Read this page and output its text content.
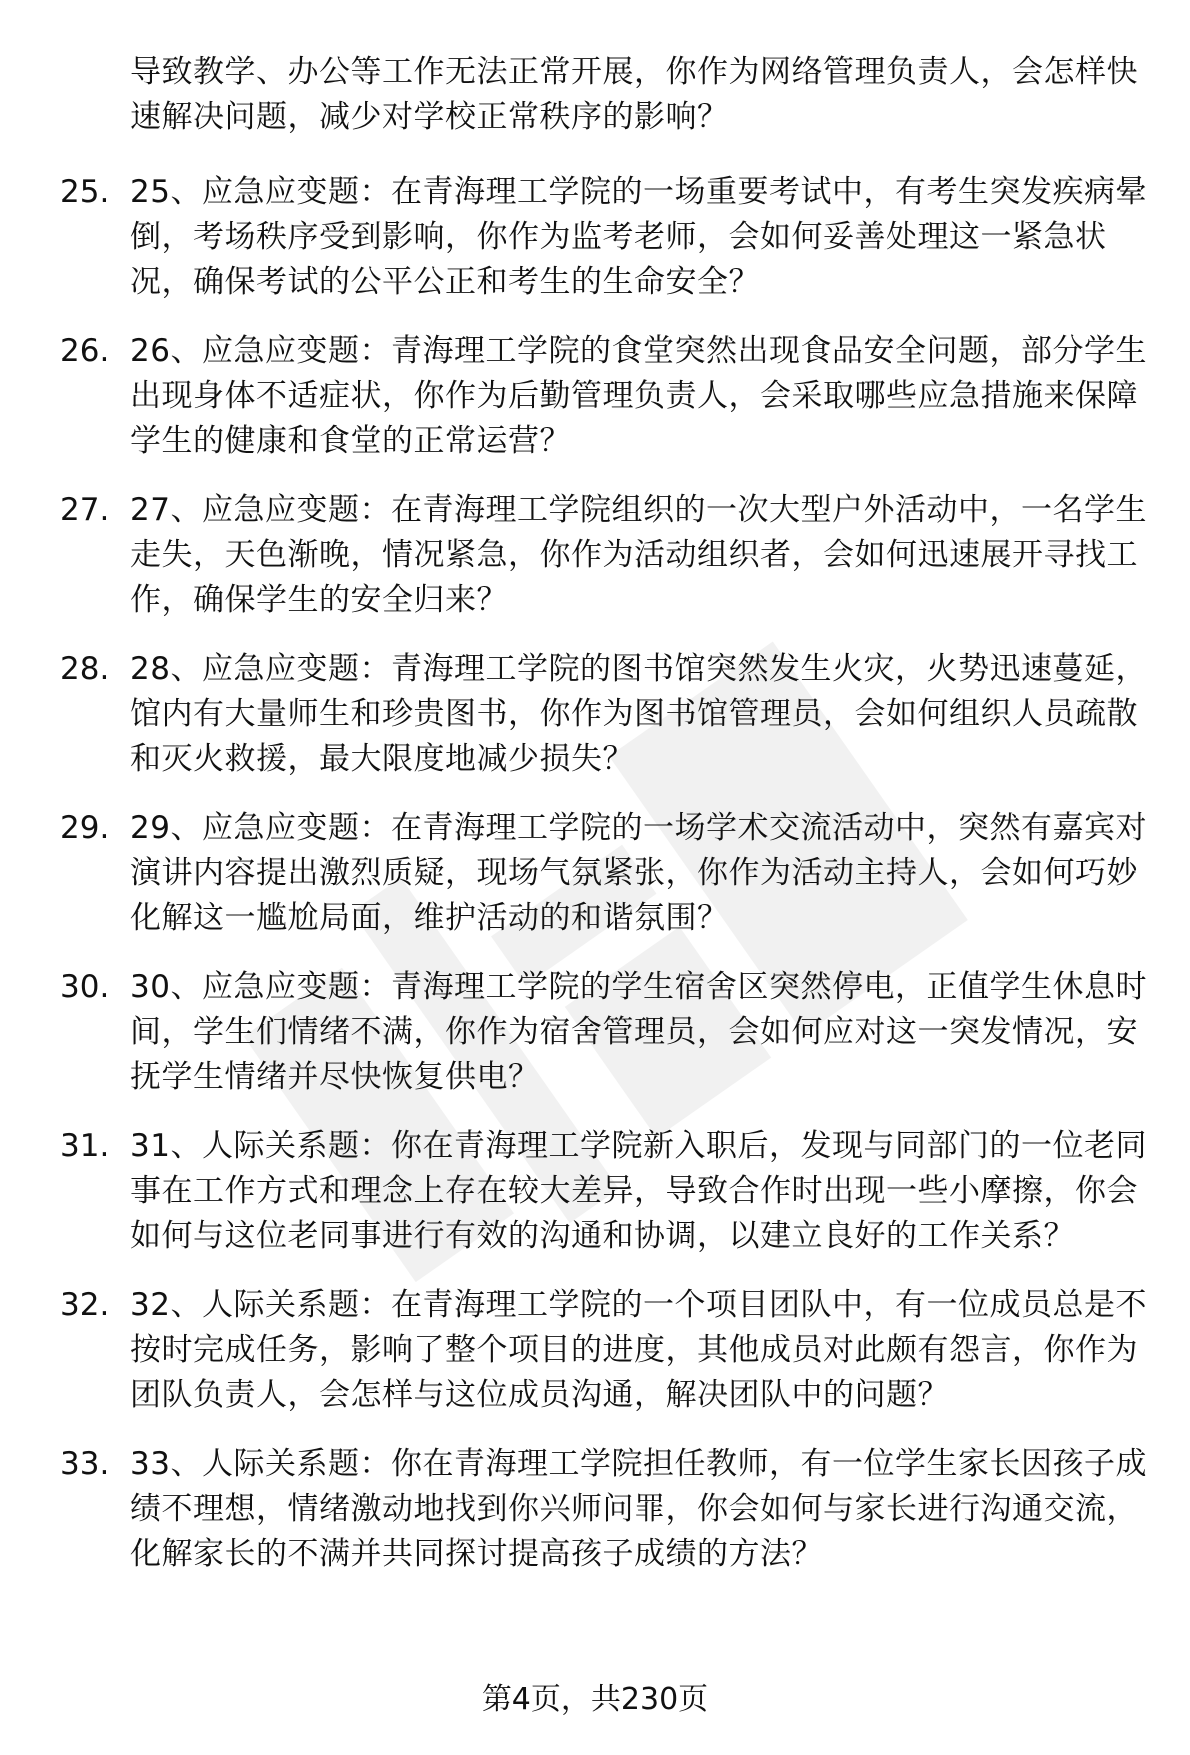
导致教学、办公等工作无法正常开展，你作为网络管理负责人，会怎样快速解决问题，减少对学校正常秩序的影响？
25. 25、应急应变题：在青海理工学院的一场重要考试中，有考生突发疾病晕倒，考场秩序受到影响，你作为监考老师，会如何妥善处理这一紧急状况，确保考试的公平公正和考生的生命安全？
26. 26、应急应变题：青海理工学院的食堂突然出现食品安全问题，部分学生出现身体不适症状，你作为后勤管理负责人，会采取哪些应急措施来保障学生的健康和食堂的正常运营？
27. 27、应急应变题：在青海理工学院组织的一次大型户外活动中，一名学生走失，天色渐晚，情况紧急，你作为活动组织者，会如何迅速展开寻找工作，确保学生的安全归来？
28. 28、应急应变题：青海理工学院的图书馆突然发生火灾，火势迅速蔓延，馆内有大量师生和珍贵图书，你作为图书馆管理员，会如何组织人员疏散和灭火救援，最大限度地减少损失？
29. 29、应急应变题：在青海理工学院的一场学术交流活动中，突然有嘉宾对演讲内容提出激烈质疑，现场气氛紧张，你作为活动主持人，会如何巧妙化解这一尴尬局面，维护活动的和谐氛围？
30. 30、应急应变题：青海理工学院的学生宿舍区突然停电，正值学生休息时间，学生们情绪不满，你作为宿舍管理员，会如何应对这一突发情况，安抚学生情绪并尽快恢复供电？
31. 31、人际关系题：你在青海理工学院新入职后，发现与同部门的一位老同事在工作方式和理念上存在较大差异，导致合作时出现一些小摩擦，你会如何与这位老同事进行有效的沟通和协调，以建立良好的工作关系？
32. 32、人际关系题：在青海理工学院的一个项目团队中，有一位成员总是不按时完成任务，影响了整个项目的进度，其他成员对此颇有怨言，你作为团队负责人，会怎样与这位成员沟通，解决团队中的问题？
33. 33、人际关系题：你在青海理工学院担任教师，有一位学生家长因孩子成绩不理想，情绪激动地找到你兴师问罪，你会如何与家长进行沟通交流，化解家长的不满并共同探讨提高孩子成绩的方法？
第4页，共230页
